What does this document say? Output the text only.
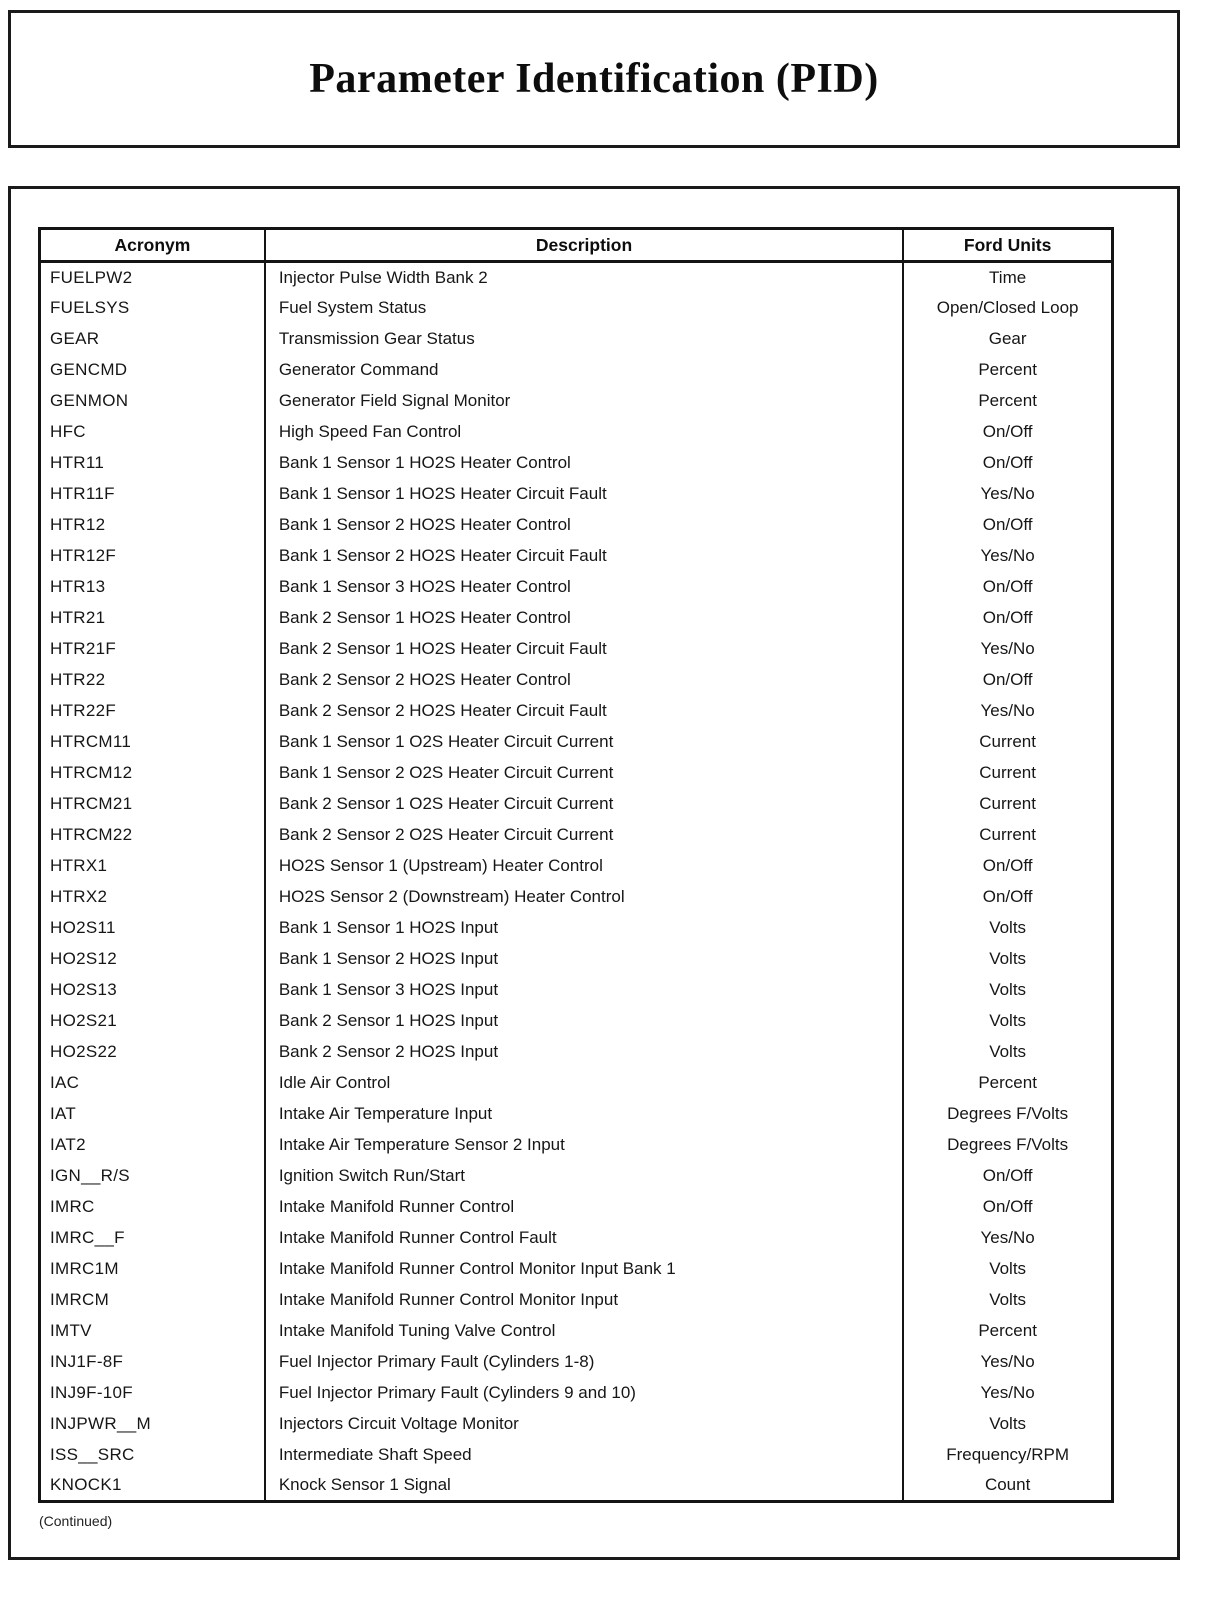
Parameter Identification (PID)
Acronym	Description	Ford Units
FUELPW2	Injector Pulse Width Bank 2	Time
FUELSYS	Fuel System Status	Open/Closed Loop
GEAR	Transmission Gear Status	Gear
GENCMD	Generator Command	Percent
GENMON	Generator Field Signal Monitor	Percent
HFC	High Speed Fan Control	On/Off
HTR11	Bank 1 Sensor 1 HO2S Heater Control	On/Off
HTR11F	Bank 1 Sensor 1 HO2S Heater Circuit Fault	Yes/No
HTR12	Bank 1 Sensor 2 HO2S Heater Control	On/Off
HTR12F	Bank 1 Sensor 2 HO2S Heater Circuit Fault	Yes/No
HTR13	Bank 1 Sensor 3 HO2S Heater Control	On/Off
HTR21	Bank 2 Sensor 1 HO2S Heater Control	On/Off
HTR21F	Bank 2 Sensor 1 HO2S Heater Circuit Fault	Yes/No
HTR22	Bank 2 Sensor 2 HO2S Heater Control	On/Off
HTR22F	Bank 2 Sensor 2 HO2S Heater Circuit Fault	Yes/No
HTRCM11	Bank 1 Sensor 1 O2S Heater Circuit Current	Current
HTRCM12	Bank 1 Sensor 2 O2S Heater Circuit Current	Current
HTRCM21	Bank 2 Sensor 1 O2S Heater Circuit Current	Current
HTRCM22	Bank 2 Sensor 2 O2S Heater Circuit Current	Current
HTRX1	HO2S Sensor 1 (Upstream) Heater Control	On/Off
HTRX2	HO2S Sensor 2 (Downstream) Heater Control	On/Off
HO2S11	Bank 1 Sensor 1 HO2S Input	Volts
HO2S12	Bank 1 Sensor 2 HO2S Input	Volts
HO2S13	Bank 1 Sensor 3 HO2S Input	Volts
HO2S21	Bank 2 Sensor 1 HO2S Input	Volts
HO2S22	Bank 2 Sensor 2 HO2S Input	Volts
IAC	Idle Air Control	Percent
IAT	Intake Air Temperature Input	Degrees F/Volts
IAT2	Intake Air Temperature Sensor 2 Input	Degrees F/Volts
IGN__R/S	Ignition Switch Run/Start	On/Off
IMRC	Intake Manifold Runner Control	On/Off
IMRC__F	Intake Manifold Runner Control Fault	Yes/No
IMRC1M	Intake Manifold Runner Control Monitor Input Bank 1	Volts
IMRCM	Intake Manifold Runner Control Monitor Input	Volts
IMTV	Intake Manifold Tuning Valve Control	Percent
INJ1F-8F	Fuel Injector Primary Fault (Cylinders 1-8)	Yes/No
INJ9F-10F	Fuel Injector Primary Fault (Cylinders 9 and 10)	Yes/No
INJPWR__M	Injectors Circuit Voltage Monitor	Volts
ISS__SRC	Intermediate Shaft Speed	Frequency/RPM
KNOCK1	Knock Sensor 1 Signal	Count
(Continued)
